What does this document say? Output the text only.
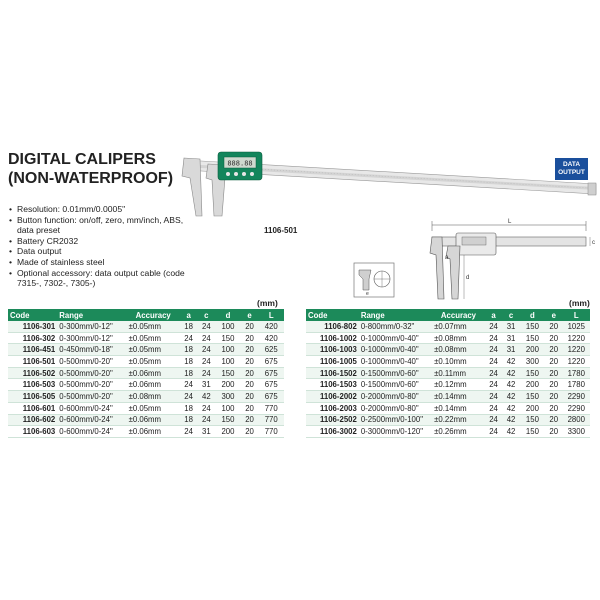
DIGITAL CALIPERS
(NON-WATERPROOF)
• Resolution: 0.01mm/0.0005"
• Button function: on/off, zero, mm/inch, ABS, data preset
• Battery CR2032
• Data output
• Made of stainless steel
• Optional accessory: data output cable (code 7315-, 7302-, 7305-)
888.88
1106-501
DATA
OUTPUT
e
L
d
a
c
(mm)	(mm)
Code	Range	Accuracy	a	c	d	e	L
1106-301	0-300mm/0-12"	±0.05mm	18	24	100	20	420
1106-302	0-300mm/0-12"	±0.05mm	24	24	150	20	420
1106-451	0-450mm/0-18"	±0.05mm	18	24	100	20	625
1106-501	0-500mm/0-20"	±0.05mm	18	24	100	20	675
1106-502	0-500mm/0-20"	±0.06mm	18	24	150	20	675
1106-503	0-500mm/0-20"	±0.06mm	24	31	200	20	675
1106-505	0-500mm/0-20"	±0.08mm	24	42	300	20	675
1106-601	0-600mm/0-24"	±0.05mm	18	24	100	20	770
1106-602	0-600mm/0-24"	±0.06mm	18	24	150	20	770
1106-603	0-600mm/0-24"	±0.06mm	24	31	200	20	770
Code	Range	Accuracy	a	c	d	e	L
1106-802	0-800mm/0-32"	±0.07mm	24	31	150	20	1025
1106-1002	0-1000mm/0-40"	±0.08mm	24	31	150	20	1220
1106-1003	0-1000mm/0-40"	±0.08mm	24	31	200	20	1220
1106-1005	0-1000mm/0-40"	±0.10mm	24	42	300	20	1220
1106-1502	0-1500mm/0-60"	±0.11mm	24	42	150	20	1780
1106-1503	0-1500mm/0-60"	±0.12mm	24	42	200	20	1780
1106-2002	0-2000mm/0-80"	±0.14mm	24	42	150	20	2290
1106-2003	0-2000mm/0-80"	±0.14mm	24	42	200	20	2290
1106-2502	0-2500mm/0-100"	±0.22mm	24	42	150	20	2800
1106-3002	0-3000mm/0-120"	±0.26mm	24	42	150	20	3300
